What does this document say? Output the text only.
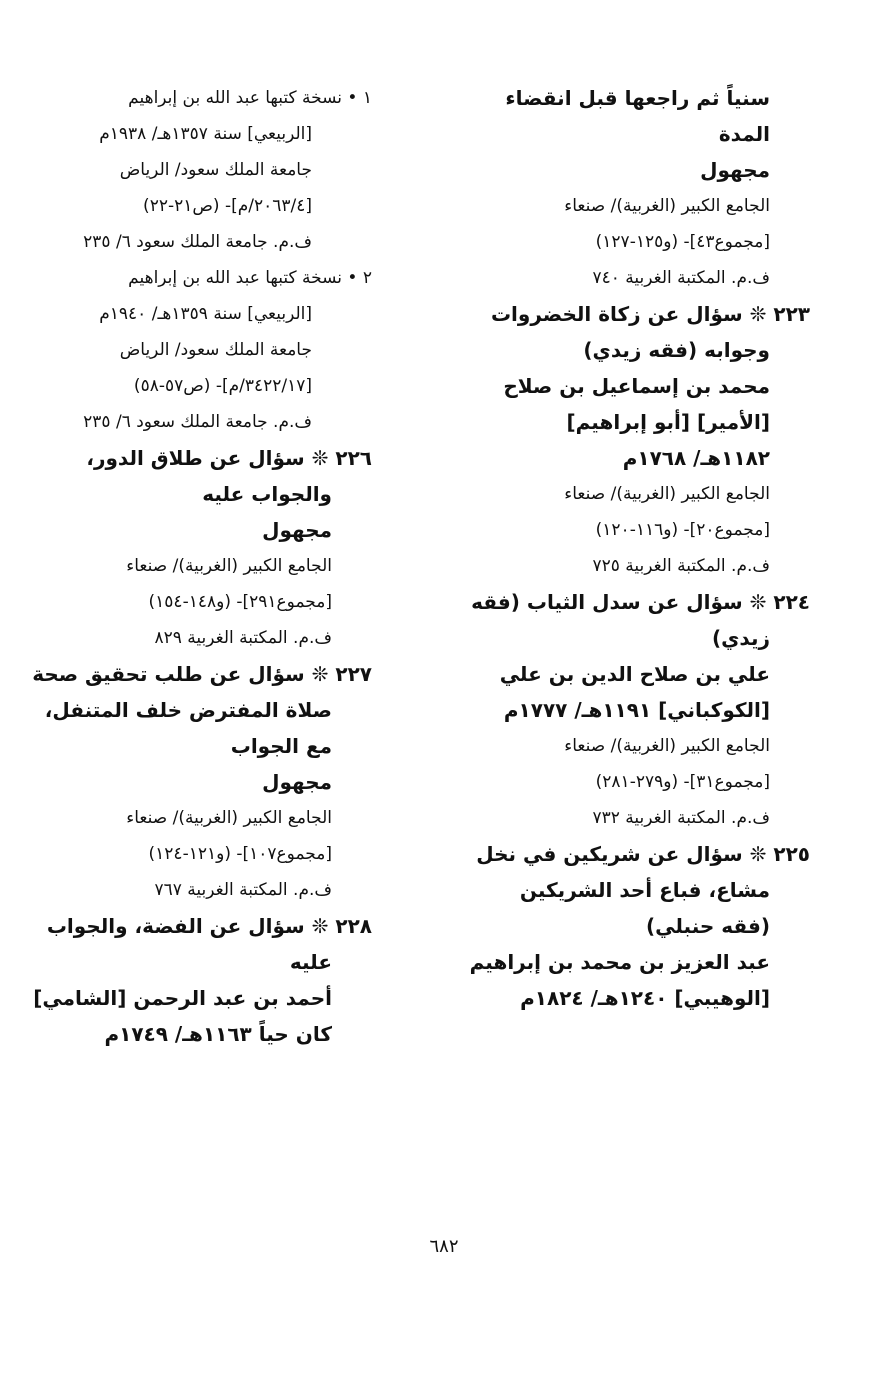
سنياً ثم راجعها قبل انقضاء
المدة
مجهول
الجامع الكبير (الغربية)/ صنعاء
[مجموع٤٣]- (و١٢٥-١٢٧)
ف.م. المكتبة الغربية ٧٤٠
٢٢٣ ❊ سؤال عن زكاة الخضروات
وجوابه (فقه زيدي)
محمد بن إسماعيل بن صلاح
[الأمير] [أبو إبراهيم]
١١٨٢هـ/ ١٧٦٨م
الجامع الكبير (الغربية)/ صنعاء
[مجموع٢٠]- (و١١٦-١٢٠)
ف.م. المكتبة الغربية ٧٢٥
٢٢٤ ❊ سؤال عن سدل الثياب (فقه
زيدي)
علي بن صلاح الدين بن علي
[الكوكباني] ١١٩١هـ/ ١٧٧٧م
الجامع الكبير (الغربية)/ صنعاء
[مجموع٣١]- (و٢٧٩-٢٨١)
ف.م. المكتبة الغربية ٧٣٢
٢٢٥ ❊ سؤال عن شريكين في نخل
مشاع، فباع أحد الشريكين
(فقه حنبلي)
عبد العزيز بن محمد بن إبراهيم
[الوهيبي] ١٢٤٠هـ/ ١٨٢٤م
١ • نسخة كتبها عبد الله بن إبراهيم
[الربيعي] سنة ١٣٥٧هـ/ ١٩٣٨م
جامعة الملك سعود/ الرياض
[٢٠٦٣/٤/م]- (ص٢١-٢٢)
ف.م. جامعة الملك سعود ٦/ ٢٣٥
٢ • نسخة كتبها عبد الله بن إبراهيم
[الربيعي] سنة ١٣٥٩هـ/ ١٩٤٠م
جامعة الملك سعود/ الرياض
[٣٤٢٢/١٧/م]- (ص٥٧-٥٨)
ف.م. جامعة الملك سعود ٦/ ٢٣٥
٢٢٦ ❊ سؤال عن طلاق الدور،
والجواب عليه
مجهول
الجامع الكبير (الغربية)/ صنعاء
[مجموع٢٩١]- (و١٤٨-١٥٤)
ف.م. المكتبة الغربية ٨٢٩
٢٢٧ ❊ سؤال عن طلب تحقيق صحة
صلاة المفترض خلف المتنفل،
مع الجواب
مجهول
الجامع الكبير (الغربية)/ صنعاء
[مجموع١٠٧]- (و١٢١-١٢٤)
ف.م. المكتبة الغربية ٧٦٧
٢٢٨ ❊ سؤال عن الفضة، والجواب
عليه
أحمد بن عبد الرحمن [الشامي]
كان حياً ١١٦٣هـ/ ١٧٤٩م
٦٨٢
